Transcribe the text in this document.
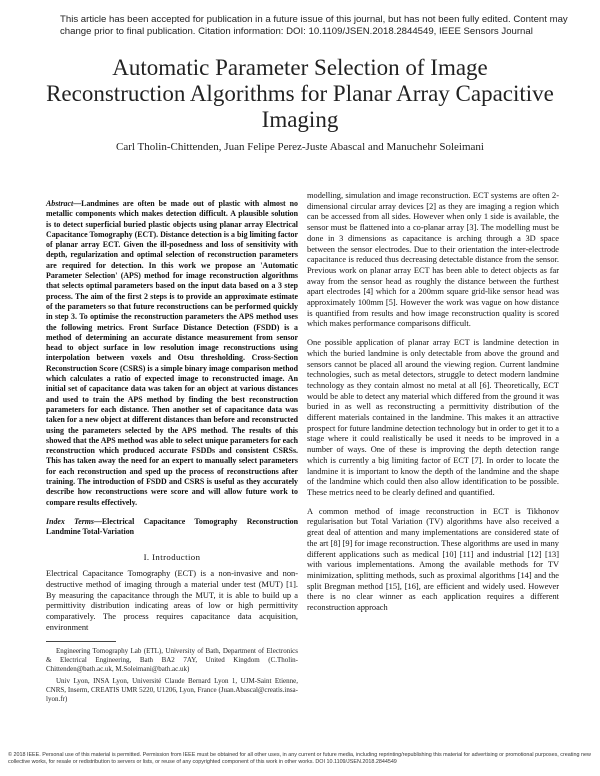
This article has been accepted for publication in a future issue of this journal, but has not been fully edited. Content may change prior to final publication. Citation information: DOI: 10.1109/JSEN.2018.2844549, IEEE Sensors Journal
Automatic Parameter Selection of Image Reconstruction Algorithms for Planar Array Capacitive Imaging
Carl Tholin-Chittenden, Juan Felipe Perez-Juste Abascal and Manuchehr Soleimani

Abstract—Landmines are often be made out of plastic with almost no metallic components which makes detection difficult. A plausible solution is to detect superficial buried plastic objects using planar array Electrical Capacitance Tomography (ECT). Distance detection is a big limiting factor of planar array ECT. Given the ill-posedness and loss of sensitivity with depth, regularization and optimal selection of reconstruction parameters are required for detection. In this work we propose an 'Automatic Parameter Selection' (APS) method for image reconstruction algorithms that selects optimal parameters based on the input data based on a 3 step process. The aim of the first 2 steps is to provide an approximate estimate of the parameters so that future reconstructions can be performed quickly in step 3. To optimise the reconstruction parameters the APS method uses the following metrics. Front Surface Distance Detection (FSDD) is a method of determining an accurate distance measurement from sensor head to object surface in low resolution image reconstructions using interpolation between voxels and Otsu thresholding. Cross-Section Reconstruction Score (CSRS) is a simple binary image comparison method which calculates a ratio of expected image to reconstructed image. An initial set of capacitance data was taken for an object at various distances and used to train the APS method by finding the best reconstruction parameters for each distance. Then another set of capacitance data was taken for a new object at different distances than before and reconstructed using the parameters selected by the APS method. The results of this showed that the APS method was able to select unique parameters for each reconstruction which produced accurate FSDDs and consistent CSRSs. This has taken away the need for an expert to manually select parameters for each reconstruction and sped up the process of reconstructions after training. The introduction of FSDD and CSRS is useful as they accurately describe how reconstructions were score and will allow future work to compare results effectively.

Index Terms—Electrical Capacitance Tomography Reconstruction Landmine Total-Variation

I. Introduction

Electrical Capacitance Tomography (ECT) is a non-invasive and non-destructive method of imaging through a material under test (MUT) [1]. By measuring the capacitance through the MUT, it is able to build up a permittivity distribution indicating areas of low or high permittivity comparatively. The process requires capacitance data acquisition, environment

Engineering Tomography Lab (ETL), University of Bath, Department of Electronics & Electrical Engineering, Bath BA2 7AY, United Kingdom (C.Tholin-Chittenden@bath.ac.uk, M.Soleimani@bath.ac.uk)

Univ Lyon, INSA Lyon, Université Claude Bernard Lyon 1, UJM-Saint Etienne, CNRS, Inserm, CREATIS UMR 5220, U1206, Lyon, France (Juan.Abascal@creatis.insa-lyon.fr)

modelling, simulation and image reconstruction. ECT systems are often 2-dimensional circular array devices [2] as they are imaging a region which can be accessed from all sides. However when only 1 side is available, the sensor must be flattened into a co-planar array [3]. The modelling must be done in 3 dimensions as capacitance is arching through a 3D space between the sensor electrodes. Due to their orientation the inter-electrode capacitance is reduced thus decreasing detectable distance from the sensor. Previous work on planar array ECT has been able to detect objects as far away from the sensor head as roughly the distance between the furthest apart electrodes [4] which for a 200mm square grid-like sensor head was approximately 100mm [5]. However the work was vague on how distance is quantified from results and how image reconstruction quality is scored which makes performance comparisons difficult.

One possible application of planar array ECT is landmine detection in which the buried landmine is only detectable from above the ground and sensors cannot be placed all around the viewing region. Current landmine technologies, such as metal detectors, struggle to detect modern landmine technology as they contain almost no metal at all [6]. Theoretically, ECT would be able to detect any material which differed from the ground it was buried in as well as reconstructing a permittivity distribution of the different materials contained in the landmine. This makes it an attractive prospect for future landmine detection technology but in order to get it to a stage where it could realistically be used it needs to be improved in a number of ways. One of these is improving the depth detection range which is currently a big limiting factor of ECT [7]. In order to locate the landmine it is important to know the depth of the landmine and the shape of the landmine which could then also allow identification to be possible. These metrics need to be clearly defined and quantified.

A common method of image reconstruction in ECT is Tikhonov regularisation but Total Variation (TV) algorithms have also received a great deal of attention and many implementations are considered state of the art [8] [9] for image reconstruction. These algorithms are used in many different applications such as medical [10] [11] and industrial [12] [13] with various implementations. Among the available methods for TV minimization, splitting methods, such as proximal algorithms [14] and the split Bregman method [15], [16], are efficient and widely used. However there is no clear winner as each application requires a different reconstruction approach

© 2018 IEEE. Personal use of this material is permitted. Permission from IEEE must be obtained for all other uses, in any current or future media, including reprinting/republishing this material for advertising or promotional purposes, creating new collective works, for resale or redistribution to servers or lists, or reuse of any copyrighted component of this work in other works. DOI 10.1109/JSEN.2018.2844549
